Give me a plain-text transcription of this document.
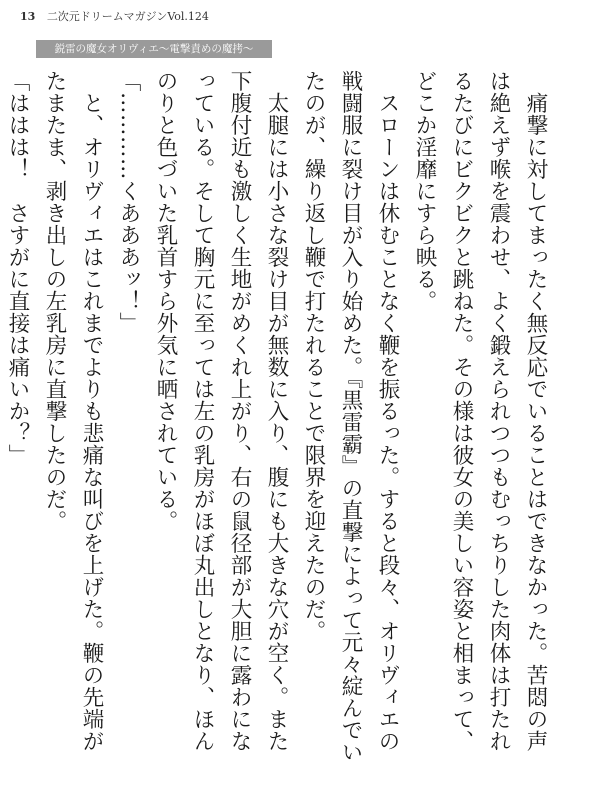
13 二次元ドリームマガジンVol.124
鋭雷の魔女オリヴィエ～電撃責めの魔拷～

痛撃に対してまったく無反応でいることはできなかった。苦悶の声は絶えず喉を震わせ、よく鍛えられつつもむっちりした肉体は打たれるたびにビクビクと跳ねた。その様は彼女の美しい容姿と相まって、どこか淫靡にすら映る。

スローンは休むことなく鞭を振るった。すると段々、オリヴィエの戦闘服に裂け目が入り始めた。『黒雷霸』の直撃によって元々綻んでいたのが、繰り返し鞭で打たれることで限界を迎えたのだ。

太腿には小さな裂け目が無数に入り、腹にも大きな穴が空く。また下腹付近も激しく生地がめくれ上がり、右の鼠径部が大胆に露わになっている。そして胸元に至っては左の乳房がほぼ丸出しとなり、ほんのりと色づいた乳首すら外気に晒されている。

「…………くあああッ！」

と、オリヴィエはこれまでよりも悲痛な叫びを上げた。鞭の先端がたまたま、剥き出しの左乳房に直撃したのだ。

「ははは！　さすがに直接は痛いか？」
